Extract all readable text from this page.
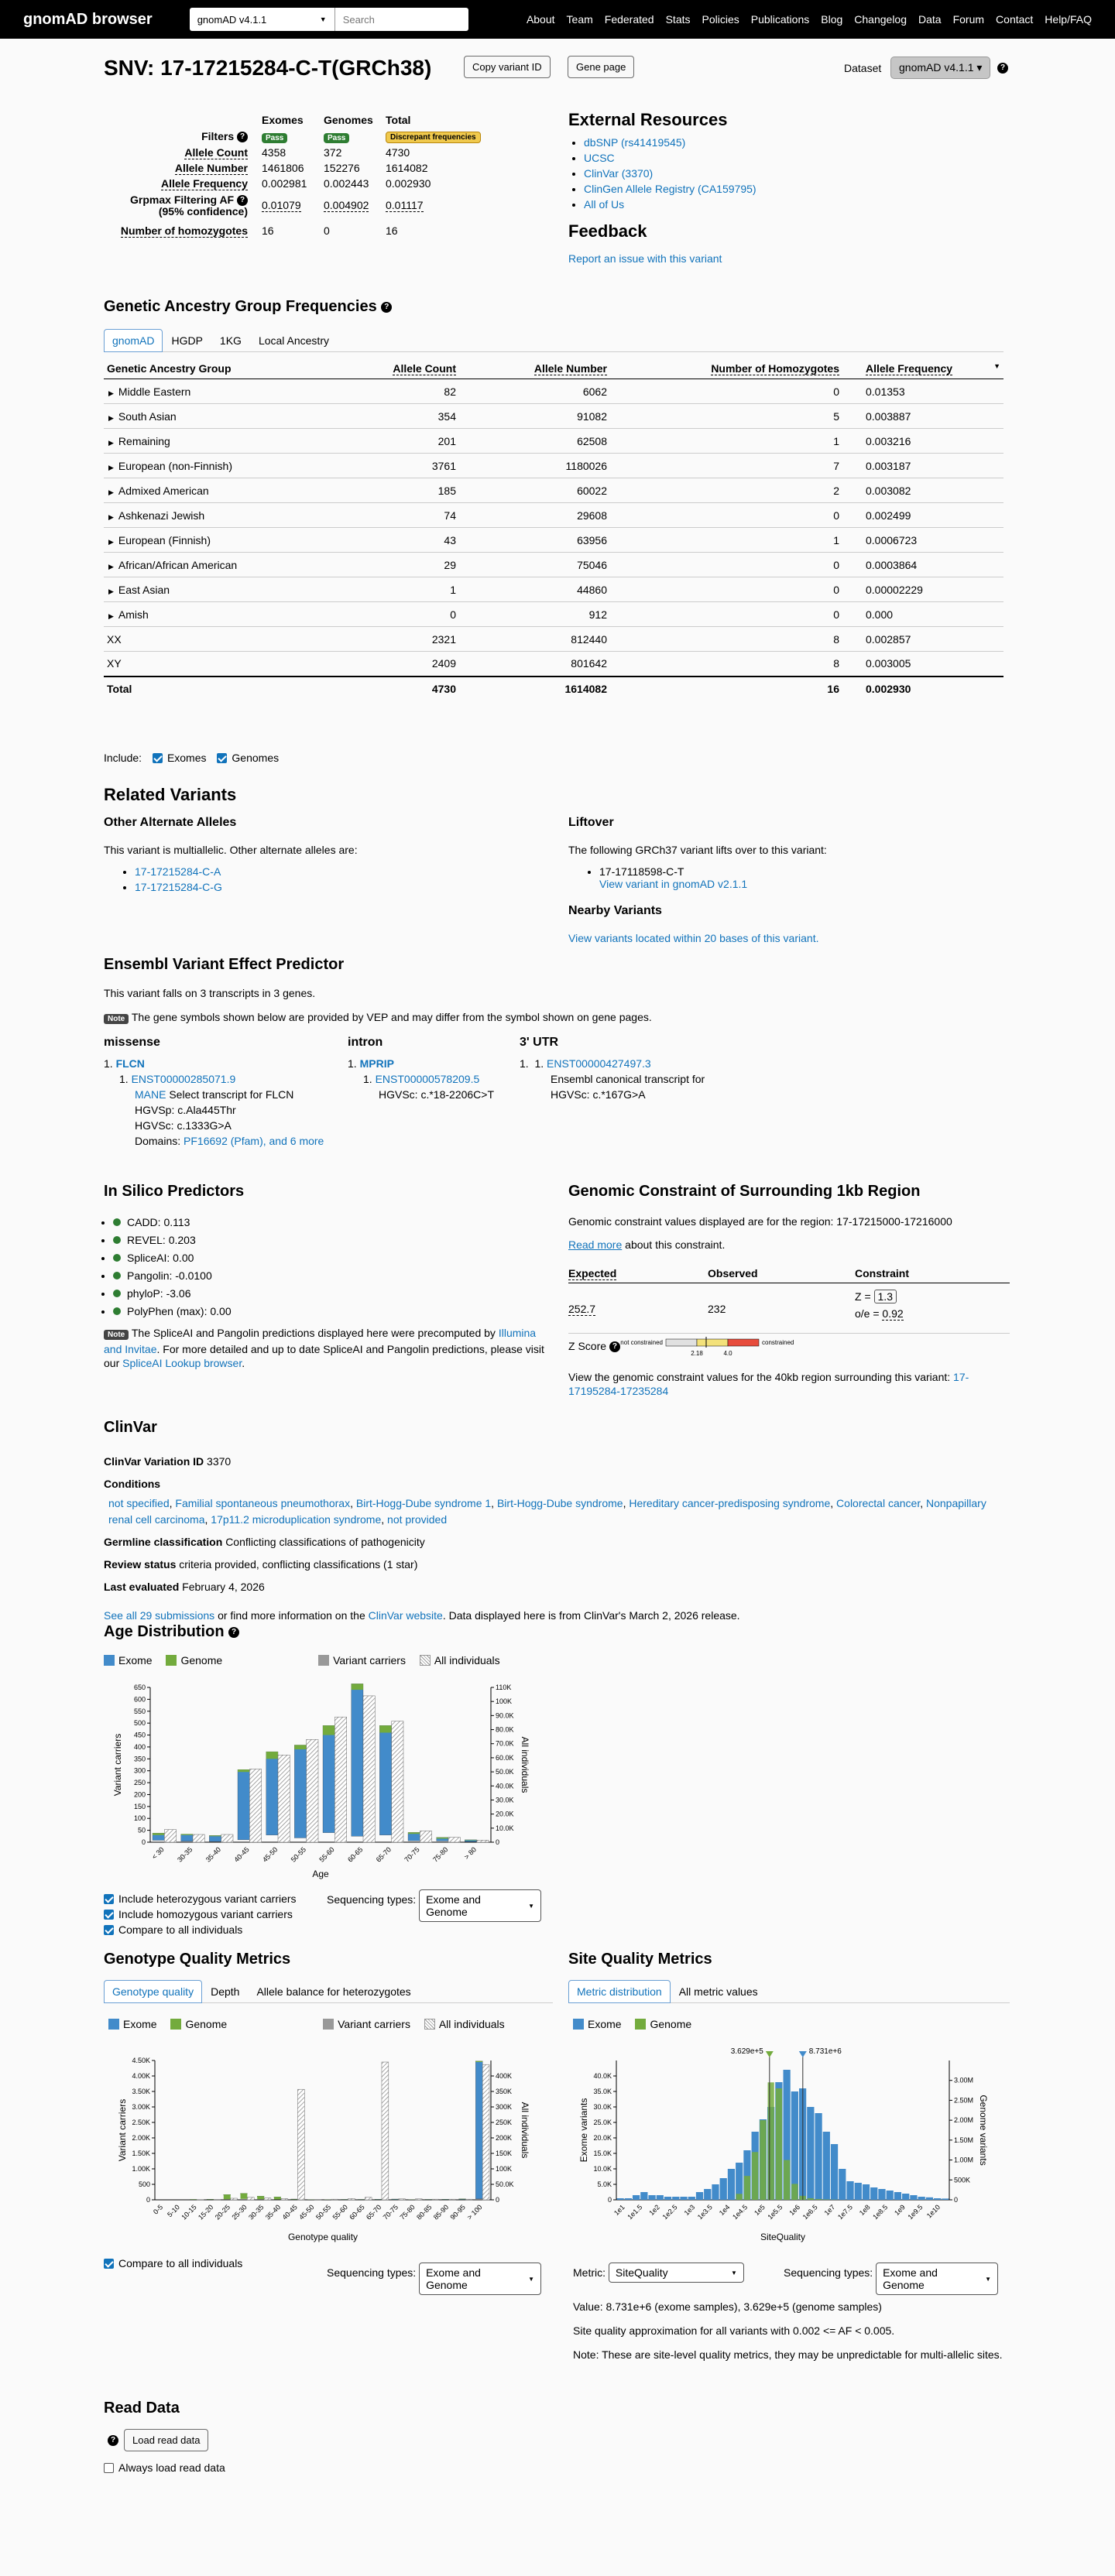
gnomAD browser	gnomAD v4.1.1	▼	Search	About Team Federated Stats Policies Publications Blog Changelog Data Forum Contact Help/FAQ
SNV: 17-17215284-C-T(GRCh38)	Copy variant ID	Gene page	Dataset	gnomAD v4.1.1 ▾	?
	Exomes	Genomes	Total
Filters ?	Pass	Pass	Discrepant frequencies
Allele Count	4358	372	4730
Allele Number	1461806	152276	1614082
Allele Frequency	0.002981	0.002443	0.002930
Grpmax Filtering AF ?
(95% confidence)	0.01079	0.004902	0.01117
Number of homozygotes	16	0	16
External Resources
• dbSNP (rs41419545)
• UCSC
• ClinVar (3370)
• ClinGen Allele Registry (CA159795)
• All of Us
Feedback
Report an issue with this variant
Genetic Ancestry Group Frequencies ?
gnomAD	HGDP	1KG	Local Ancestry
Genetic Ancestry Group	Allele Count	Allele Number	Number of Homozygotes	Allele Frequency ▼

▶ Middle Eastern	82	6062	0	0.01353
▶ South Asian	354	91082	5	0.003887
▶ Remaining	201	62508	1	0.003216
▶ European (non-Finnish)	3761	1180026	7	0.003187
▶ Admixed American	185	60022	2	0.003082
▶ Ashkenazi Jewish	74	29608	0	0.002499
▶ European (Finnish)	43	63956	1	0.0006723
▶ African/African American	29	75046	0	0.0003864
▶ East Asian	1	44860	0	0.00002229
▶ Amish	0	912	0	0.000
XX	2321	812440	8	0.002857
XY	2409	801642	8	0.003005
Total	4730	1614082	16	0.002930
Include: Exomes Genomes
Related Variants
Other Alternate Alleles

This variant is multiallelic. Other alternate alleles are:

• 17-17215284-C-A
• 17-17215284-C-G
Liftover

The following GRCh37 variant lifts over to this variant:

• 17-17118598-C-T
View variant in gnomAD v2.1.1
Nearby Variants

View variants located within 20 bases of this variant.

Ensembl Variant Effect Predictor

This variant falls on 3 transcripts in 3 genes.

Note The gene symbols shown below are provided by VEP and may differ from the symbol shown on gene pages.

missense
1. FLCN
1. ENST00000285071.9
MANE Select transcript for FLCN
HGVSp: c.Ala445Thr
HGVSc: c.1333G>A
Domains: PF16692 (Pfam), and 6 more
intron
1. MPRIP
1. ENST00000578209.5
HGVSc: c.*18-2206C>T
3' UTR
1.  1. ENST00000427497.3
Ensembl canonical transcript for
HGVSc: c.*167G>A
In Silico Predictors
• CADD: 0.113
• REVEL: 0.203
• SpliceAI: 0.00
• Pangolin: -0.0100
• phyloP: -3.06
• PolyPhen (max): 0.00

Note The SpliceAI and Pangolin predictions displayed here were precomputed by Illumina and Invitae. For more detailed and up to date SpliceAI and Pangolin predictions, please visit our SpliceAI Lookup browser.

Genomic Constraint of Surrounding 1kb Region

Genomic constraint values displayed are for the region: 17-17215000-17216000

Read more about this constraint.

Expected	Observed	Constraint
252.7	232	Z = 1.3
o/e = 0.92
Z Score ? not constrained	constrained
2.18	4.0

View the genomic constraint values for the 40kb region surrounding this variant: 17-17195284-17235284

ClinVar
ClinVar Variation ID 3370
Conditions
not specified, Familial spontaneous pneumothorax, Birt-Hogg-Dube syndrome 1, Birt-Hogg-Dube syndrome, Hereditary cancer-predisposing syndrome, Colorectal cancer, Nonpapillary renal cell carcinoma, 17p11.2 microduplication syndrome, not provided
Germline classification Conflicting classifications of pathogenicity
Review status criteria provided, conflicting classifications (1 star)
Last evaluated February 4, 2026
See all 29 submissions or find more information on the ClinVar website. Data displayed here is from ClinVar's March 2, 2026 release.
Age Distribution ?
Exome	Genome	Variant carriers	All individuals
0
50
100
150
200
250
300
350
400
450
500
550
600
650
0
10.0K
20.0K
30.0K
40.0K
50.0K
60.0K
70.0K
80.0K
90.0K
100K
110K
Variant carriers	All individuals
Age
< 30 30-35 35-40 40-45 45-50 50-55 55-60 60-65 65-70 70-75 75-80 > 80
Include heterozygous variant carriers
Include homozygous variant carriers
Compare to all individuals
Sequencing types: Exome and Genome	▼
Genotype Quality Metrics
Genotype quality	Depth	Allele balance for heterozygotes
Exome	Genome	Variant carriers	All individuals
0
500
1.00K
1.50K
2.00K
2.50K
3.00K
3.50K
4.00K
4.50K
0
50.0K
100K
150K
200K
250K
300K
350K
400K
Variant carriers	All individuals
Genotype quality
0-5 5-10
10-15
15-20
20-25
25-30
30-35
35-40
40-45
45-50
50-55
55-60
60-65
65-70
70-75
75-80
80-85
85-90
90-95
> 100
Compare to all individuals
Sequencing types: Exome and Genome	▼
Site Quality Metrics
Metric distribution	All metric values
Exome	Genome
0
5.0K
10.0K
15.0K
20.0K
25.0K
30.0K
35.0K
40.0K
0
500K
1.00M
1.50M
2.00M
2.50M
3.00M
Exome variants	Genome variants
SiteQuality
1e1 1e1.5 1e2 1e2.5 1e3 1e3.5 1e4 1e4.5 1e5 1e5.5 1e6 1e6.5 1e7 1e7.5 1e8 1e8.5 1e9 1e9.5 1e10
3.629e+5	8.731e+6
Metric: SiteQuality	▼	Sequencing types: Exome and Genome	▼

Value: 8.731e+6 (exome samples), 3.629e+5 (genome samples)

Site quality approximation for all variants with 0.002 <= AF < 0.005.

Note: These are site-level quality metrics, they may be unpredictable for multi-allelic sites.

Read Data
?	Load read data
Always load read data
